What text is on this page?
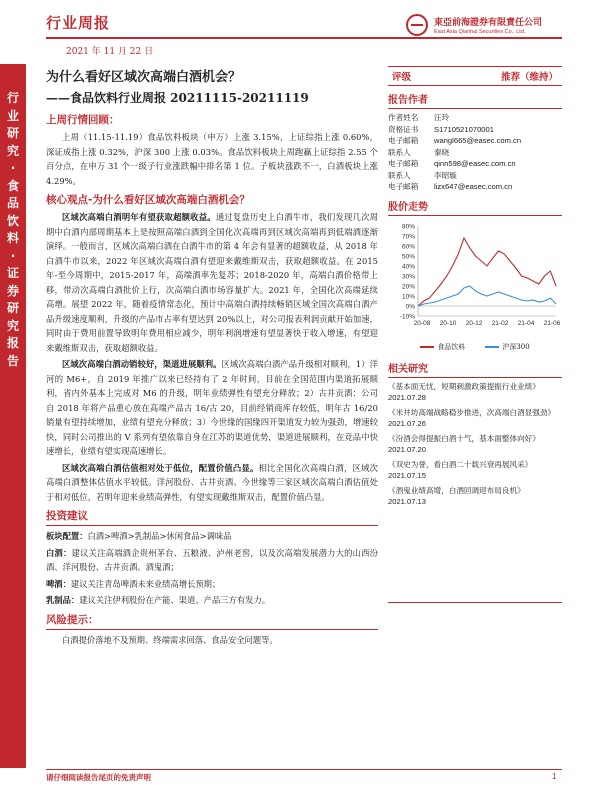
行业周报	東亞前海證券有限責任公司
East Asia Qianhai Securities Co., Ltd.
2021 年 11 月 22 日
行
业
研
究
·
食
品
饮
料
·
证
券
研
究
报
告
为什么看好区域次高端白酒机会？
——食品饮料行业周报 20211115-20211119
上周行情回顾：
上周（11.15-11.19）食品饮料板块（申万）上涨 3.15%，上证综指上涨 0.60%，深证成指上涨 0.32%，沪深 300 上涨 0.03%。食品饮料板块上周跑赢上证综指 2.55 个百分点，在申万 31 个一级子行业涨跌幅中排名第 1 位。子板块涨跌不一，白酒板块上涨 4.29%。
核心观点-为什么看好区域次高端白酒机会？
区域次高端白酒明年有望获取超额收益。通过复盘历史上白酒牛市，我们发现几次周期中白酒内部周期基本上是按照高端白酒到全国化次高端再到区域次高端再到低端酒逐渐演绎。一般而言，区域次高端白酒在白酒牛市的第 4 年会有显著的超额收益，从 2018 年白酒牛市以来，2022 年区域次高端白酒有望迎来戴维斯双击，获取超额收益。在 2015 年-至今周期中，2015-2017 年，高端酒率先复苏；2018-2020 年，高端白酒价格带上移，带动次高端白酒批价上行，次高端白酒市场容量扩大。2021 年，全国化次高端延续高增。展望 2022 年，随着疫情常态化，预计中高端白酒持续畅销区域全国次高端白酒产品升级速度顺利，升级的产品市占率有望达到 20%以上，对公司报表利润贡献开始加速，同时由于费用前置导致明年费用相应减少，明年利润增速有望显著快于收入增速，有望迎来戴维斯双击，获取超额收益。
区域次高端白酒动销较好，渠道进展顺利。区域次高端白酒产品升级相对顺利，1）洋河的 M6+，自 2019 年推广以来已经持有了 2 年时间，目前在全国范围内渠道拓展顺利，省内外基本上完成对 M6 的升级，明年业绩弹性有望充分释放；2）古井贡酒：公司自 2018 年将产品重心放在高端产品古 16/古 20，目前经销商库存较低，明年古 16/20 销量有望持续增加，业绩有望充分释放；3）今世缘的国缘四开渠道发力较为强劲，增速较快，同时公司推出的 V 系列有望依靠自身在江苏的渠道优势，渠道进展顺利，在竞品中快速增长，业绩有望实现高速增长。
区域次高端白酒估值相对处于低位，配置价值凸显。相比全国化次高端白酒，区域次高端白酒整体估值水平较低。洋河股份、古井贡酒、今世缘等三家区域次高端白酒估值处于相对低位，若明年迎来业绩高弹性，有望实现戴维斯双击，配置价值凸显。
投资建议
板块配置：白酒>啤酒>乳制品>休闲食品>调味品
白酒：建议关注高端酒企贵州茅台、五粮液、泸州老窖，以及次高端发展潜力大的山西汾酒、洋河股份、古井贡酒、酒鬼酒；
啤酒：建议关注青岛啤酒未来业绩高增长预期；
乳制品：建议关注伊利股份在产能、渠道、产品三方有发力。
风险提示：
白酒提价落地不及预期、终端需求回落、食品安全问题等。
评级	推荐（维持）
报告作者
作者姓名	汪玲
资格证书	S1710521070001
电子邮箱	wangl665@easec.com.cn
联系人	秦晓
电子邮箱	qinn598@easec.com.cn
联系人	李昭璇
电子邮箱	lizx647@easec.com.cn
股价走势
80%
70%
60%
50%
40%
30%
20%
10%
0%
-10%
20-08 20-10 20-12 21-02 21-04 21-06
食品饮料	沪深300
相关研究
《基本面无忧，短期刺激政策提振行业业绩》
2021.07.28
《米井坊高端战略稳步推进，次高端白酒显强劲》
2021.07.26
《汾酒会得提振白酒十气，基本面整体向好》
2021.07.20
《双史为誉，看白酒二十载兴衰再展风采》
2021.07.15
《酒鬼业绩高增，白酒回调迎布局良机》
2021.07.13
请仔细阅读报告尾页的免责声明	1
